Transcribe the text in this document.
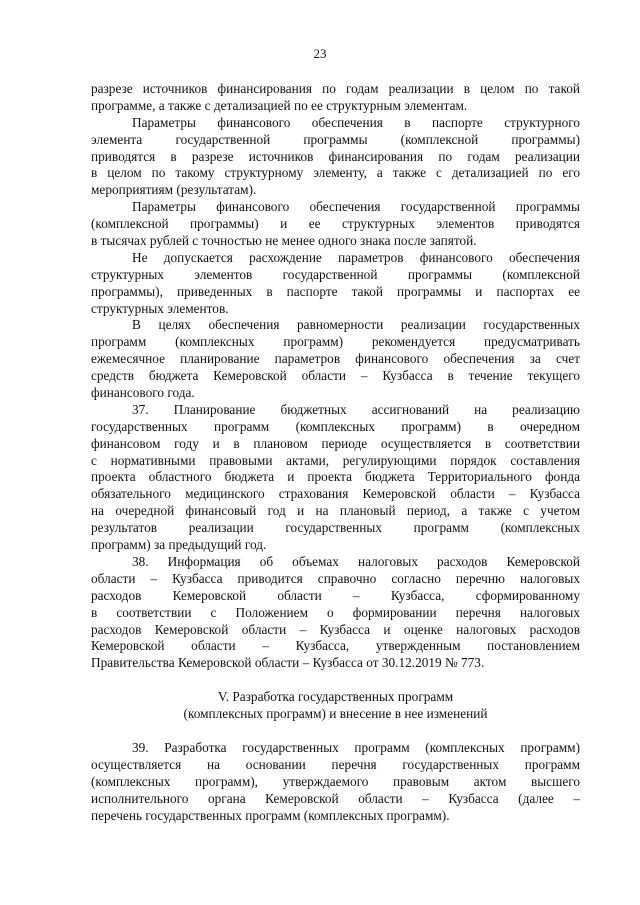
23
разрезе источников финансирования по годам реализации в целом по такой
программе, а также с детализацией по ее структурным элементам.
Параметры финансового обеспечения в паспорте структурного
элемента государственной программы (комплексной программы)
приводятся в разрезе источников финансирования по годам реализации
в целом по такому структурному элементу, а также с детализацией по его
мероприятиям (результатам).
Параметры финансового обеспечения государственной программы
(комплексной программы) и ее структурных элементов приводятся
в тысячах рублей с точностью не менее одного знака после запятой.
Не допускается расхождение параметров финансового обеспечения
структурных элементов государственной программы (комплексной
программы), приведенных в паспорте такой программы и паспортах ее
структурных элементов.
В целях обеспечения равномерности реализации государственных
программ (комплексных программ) рекомендуется предусматривать
ежемесячное планирование параметров финансового обеспечения за счет
средств бюджета Кемеровской области – Кузбасса в течение текущего
финансового года.
37. Планирование бюджетных ассигнований на реализацию
государственных программ (комплексных программ) в очередном
финансовом году и в плановом периоде осуществляется в соответствии
с нормативными правовыми актами, регулирующими порядок составления
проекта областного бюджета и проекта бюджета Территориального фонда
обязательного медицинского страхования Кемеровской области – Кузбасса
на очередной финансовый год и на плановый период, а также с учетом
результатов реализации государственных программ (комплексных
программ) за предыдущий год.
38. Информация об объемах налоговых расходов Кемеровской
области – Кузбасса приводится справочно согласно перечню налоговых
расходов Кемеровской области – Кузбасса, сформированному
в соответствии с Положением о формировании перечня налоговых
расходов Кемеровской области – Кузбасса и оценке налоговых расходов
Кемеровской области – Кузбасса, утвержденным постановлением
Правительства Кемеровской области – Кузбасса от 30.12.2019 № 773.
V. Разработка государственных программ
(комплексных программ) и внесение в нее изменений
39. Разработка государственных программ (комплексных программ)
осуществляется на основании перечня государственных программ
(комплексных программ), утверждаемого правовым актом высшего
исполнительного органа Кемеровской области – Кузбасса (далее –
перечень государственных программ (комплексных программ).
